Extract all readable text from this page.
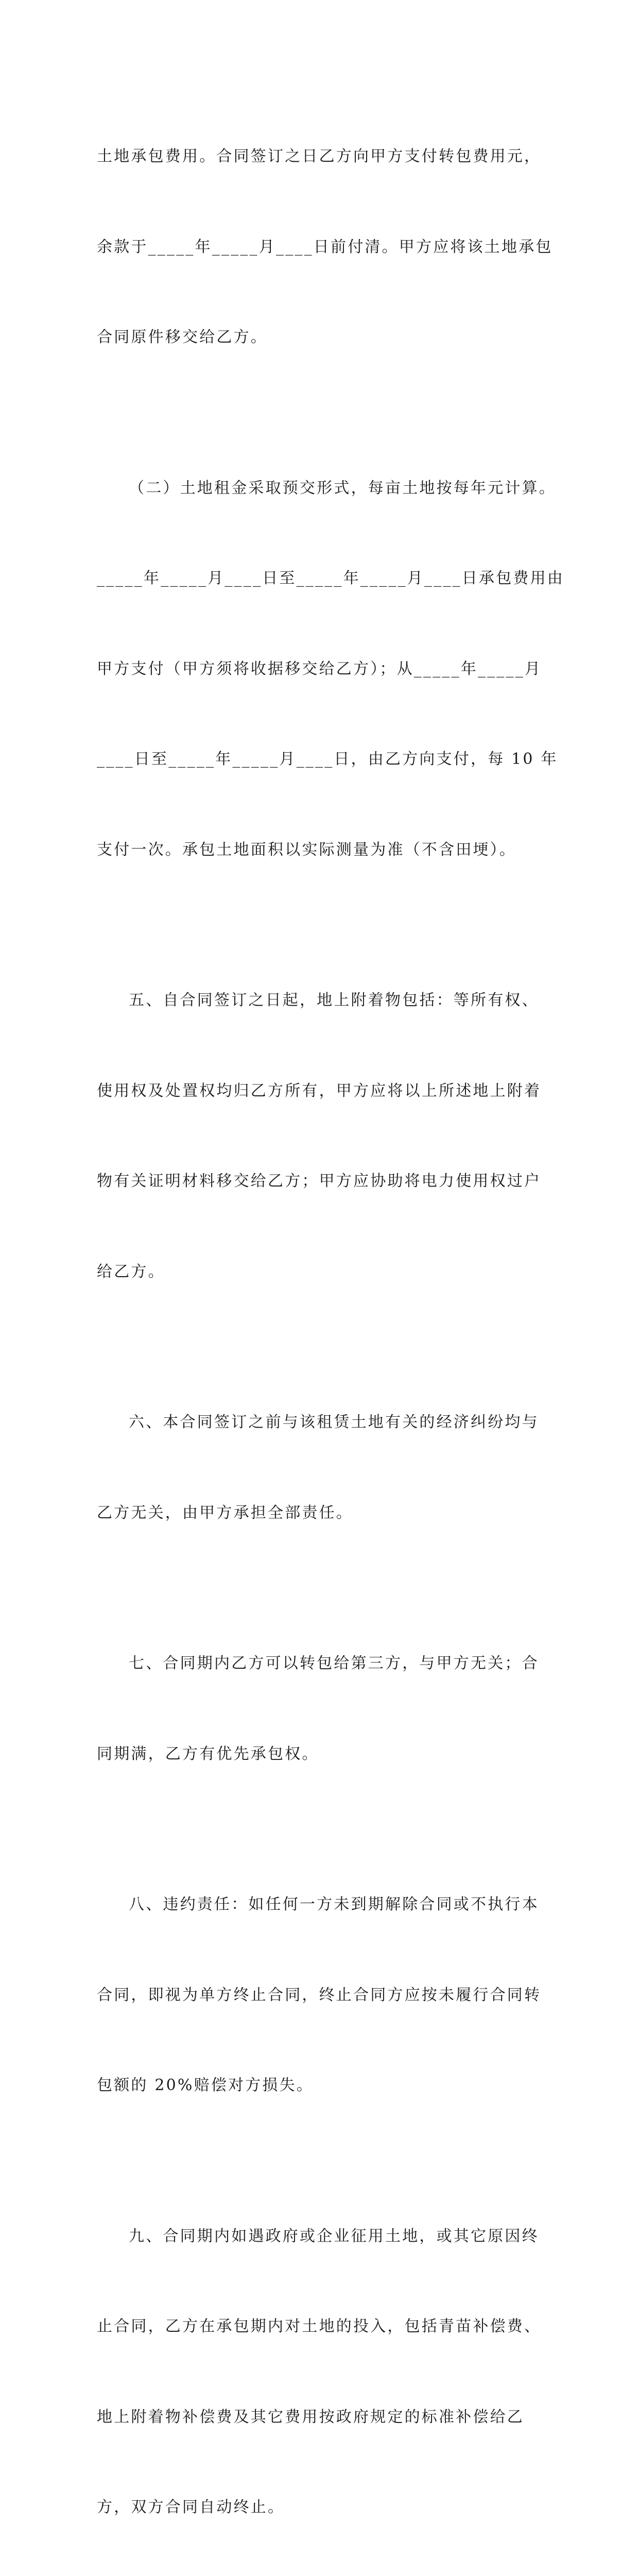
土地承包费用。合同签订之日乙方向甲方支付转包费用元，

余款于_____年_____月____日前付清。甲方应将该土地承包

合同原件移交给乙方。

（二）土地租金采取预交形式，每亩土地按每年元计算。

_____年_____月____日至_____年_____月____日承包费用由

甲方支付（甲方须将收据移交给乙方）；从_____年_____月

____日至_____年_____月____日，由乙方向支付，每 10 年

支付一次。承包土地面积以实际测量为准（不含田埂）。

五、自合同签订之日起，地上附着物包括：等所有权、

使用权及处置权均归乙方所有，甲方应将以上所述地上附着

物有关证明材料移交给乙方；甲方应协助将电力使用权过户

给乙方。

六、本合同签订之前与该租赁土地有关的经济纠纷均与

乙方无关，由甲方承担全部责任。

七、合同期内乙方可以转包给第三方，与甲方无关；合

同期满，乙方有优先承包权。

八、违约责任：如任何一方未到期解除合同或不执行本

合同，即视为单方终止合同，终止合同方应按未履行合同转

包额的 20%赔偿对方损失。

九、合同期内如遇政府或企业征用土地，或其它原因终

止合同，乙方在承包期内对土地的投入，包括青苗补偿费、

地上附着物补偿费及其它费用按政府规定的标准补偿给乙

方，双方合同自动终止。
